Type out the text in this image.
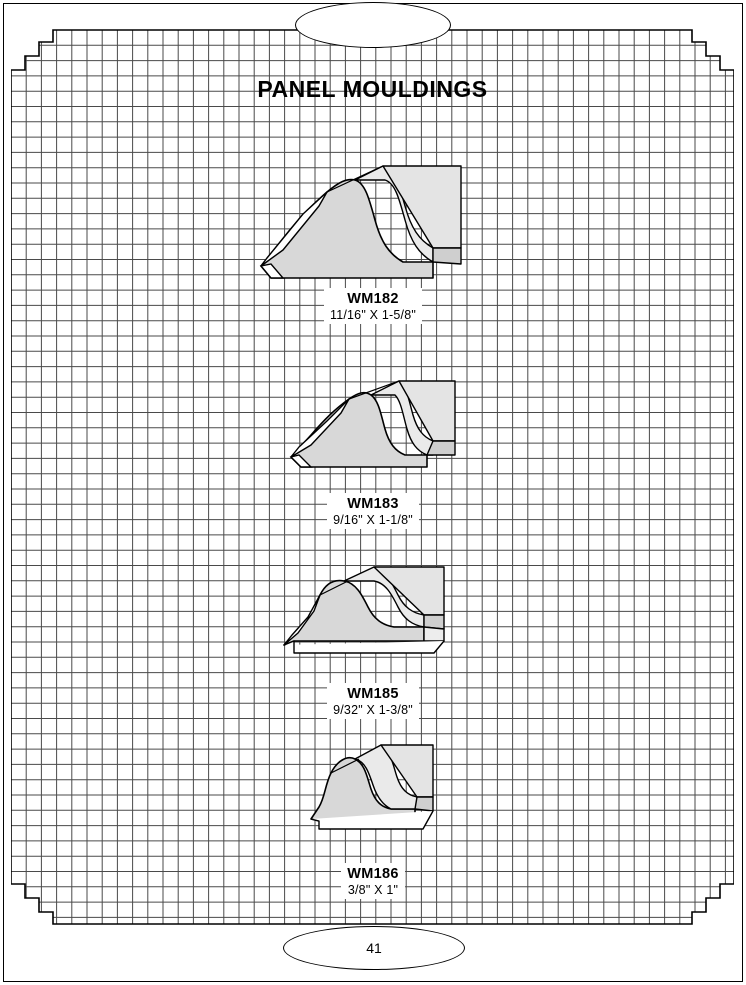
PANEL MOULDINGS
WM182
11/16" X 1-5/8"
WM183
9/16" X 1-1/8"
WM185
9/32" X 1-3/8"
WM186
3/8" X 1"
41
